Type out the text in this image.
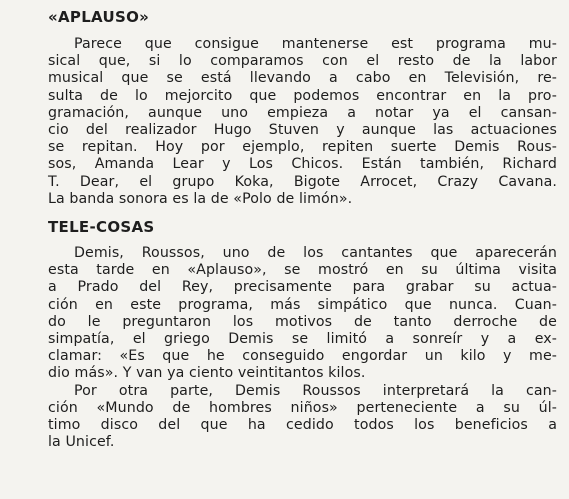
«APLAUSO»
Parece que consigue mantenerse est programa mu-
sical que, si lo comparamos con el resto de la labor
musical que se está llevando a cabo en Televisión, re-
sulta de lo mejorcito que podemos encontrar en la pro-
gramación, aunque uno empieza a notar ya el cansan-
cio del realizador Hugo Stuven y aunque las actuaciones
se repitan. Hoy por ejemplo, repiten suerte Demis Rous-
sos, Amanda Lear y Los Chicos. Están también, Richard
T. Dear, el grupo Koka, Bigote Arrocet, Crazy Cavana.
La banda sonora es la de «Polo de limón».
TELE-COSAS
Demis, Roussos, uno de los cantantes que aparecerán
esta tarde en «Aplauso», se mostró en su última visita
a Prado del Rey, precisamente para grabar su actua-
ción en este programa, más simpático que nunca. Cuan-
do le preguntaron los motivos de tanto derroche de
simpatía, el griego Demis se limitó a sonreír y a ex-
clamar: «Es que he conseguido engordar un kilo y me-
dio más». Y van ya ciento veintitantos kilos.
Por otra parte, Demis Roussos interpretará la can-
ción «Mundo de hombres niños» perteneciente a su úl-
timo disco del que ha cedido todos los beneficios a
la Unicef.
